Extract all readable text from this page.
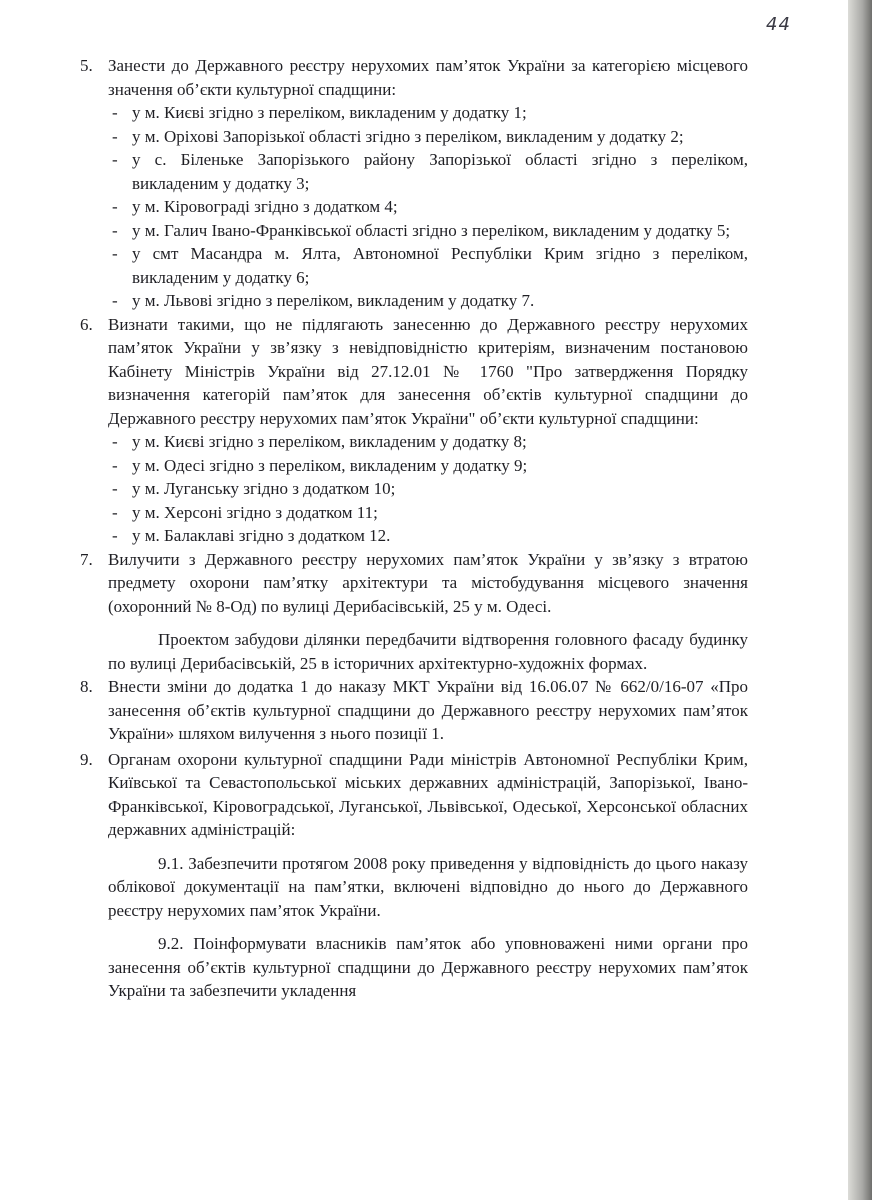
44
5. Занести до Державного реєстру нерухомих пам’яток України за категорією місцевого значення об’єкти культурної спадщини:
- у м. Києві згідно з переліком, викладеним у додатку 1;
- у м. Оріхові Запорізької області згідно з переліком, викладеним у додатку 2;
- у с. Біленьке Запорізького району Запорізької області згідно з переліком, викладеним у додатку 3;
- у м. Кіровограді згідно з додатком 4;
- у м. Галич Івано-Франківської області згідно з переліком, викладеним у додатку 5;
- у смт Масандра м. Ялта, Автономної Республіки Крим згідно з переліком, викладеним у додатку 6;
- у м. Львові згідно з переліком, викладеним у додатку 7.
6. Визнати такими, що не підлягають занесенню до Державного реєстру нерухомих пам’яток України у зв’язку з невідповідністю критеріям, визначеним постановою Кабінету Міністрів України від 27.12.01 № 1760 "Про затвердження Порядку визначення категорій пам’яток для занесення об’єктів культурної спадщини до Державного реєстру нерухомих пам’яток України" об’єкти культурної спадщини:
- у м. Києві згідно з переліком, викладеним у додатку 8;
- у м. Одесі згідно з переліком, викладеним у додатку 9;
- у м. Луганську згідно з додатком 10;
- у м. Херсоні згідно з додатком 11;
- у м. Балаклаві згідно з додатком 12.
7. Вилучити з Державного реєстру нерухомих пам’яток України у зв’язку з втратою предмету охорони пам’ятку архітектури та містобудування місцевого значення (охоронний № 8-Од) по вулиці Дерибасівській, 25 у м. Одесі.
Проектом забудови ділянки передбачити відтворення головного фасаду будинку по вулиці Дерибасівській, 25 в історичних архітектурно-художніх формах.
8. Внести зміни до додатка 1 до наказу МКТ України від 16.06.07 № 662/0/16-07 «Про занесення об’єктів культурної спадщини до Державного реєстру нерухомих пам’яток України» шляхом вилучення з нього позиції 1.
9. Органам охорони культурної спадщини Ради міністрів Автономної Республіки Крим, Київської та Севастопольської міських державних адміністрацій, Запорізької, Івано-Франківської, Кіровоградської, Луганської, Львівської, Одеської, Херсонської обласних державних адміністрацій:
9.1. Забезпечити протягом 2008 року приведення у відповідність до цього наказу облікової документації на пам’ятки, включені відповідно до нього до Державного реєстру нерухомих пам’яток України.
9.2. Поінформувати власників пам’яток або уповноважені ними органи про занесення об’єктів культурної спадщини до Державного реєстру нерухомих пам’яток України та забезпечити укладення
